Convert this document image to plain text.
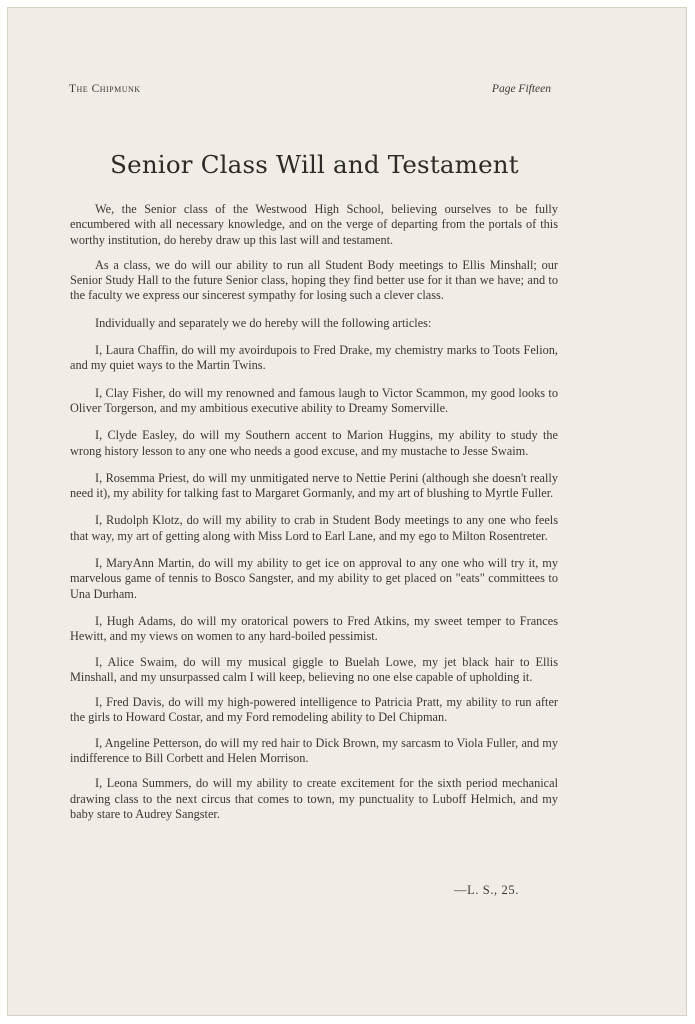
The Chipmunk	Page Fifteen
Senior Class Will and Testament

We, the Senior class of the Westwood High School, believing ourselves to be fully encumbered with all necessary knowledge, and on the verge of departing from the portals of this worthy institution, do hereby draw up this last will and testament.

As a class, we do will our ability to run all Student Body meetings to Ellis Minshall; our Senior Study Hall to the future Senior class, hoping they find better use for it than we have; and to the faculty we express our sincerest sympathy for losing such a clever class.

Individually and separately we do hereby will the following articles:

I, Laura Chaffin, do will my avoirdupois to Fred Drake, my chemistry marks to Toots Felion, and my quiet ways to the Martin Twins.

I, Clay Fisher, do will my renowned and famous laugh to Victor Scammon, my good looks to Oliver Torgerson, and my ambitious executive ability to Dreamy Somerville.

I, Clyde Easley, do will my Southern accent to Marion Huggins, my ability to study the wrong history lesson to any one who needs a good excuse, and my mustache to Jesse Swaim.

I, Rosemma Priest, do will my unmitigated nerve to Nettie Perini (although she doesn't really need it), my ability for talking fast to Margaret Gormanly, and my art of blushing to Myrtle Fuller.

I, Rudolph Klotz, do will my ability to crab in Student Body meetings to any one who feels that way, my art of getting along with Miss Lord to Earl Lane, and my ego to Milton Rosentreter.

I, MaryAnn Martin, do will my ability to get ice on approval to any one who will try it, my marvelous game of tennis to Bosco Sangster, and my ability to get placed on "eats" committees to Una Durham.

I, Hugh Adams, do will my oratorical powers to Fred Atkins, my sweet temper to Frances Hewitt, and my views on women to any hard-boiled pessimist.

I, Alice Swaim, do will my musical giggle to Buelah Lowe, my jet black hair to Ellis Minshall, and my unsurpassed calm I will keep, believing no one else capable of upholding it.

I, Fred Davis, do will my high-powered intelligence to Patricia Pratt, my ability to run after the girls to Howard Costar, and my Ford remodeling ability to Del Chipman.

I, Angeline Petterson, do will my red hair to Dick Brown, my sarcasm to Viola Fuller, and my indifference to Bill Corbett and Helen Morrison.

I, Leona Summers, do will my ability to create excitement for the sixth period mechanical drawing class to the next circus that comes to town, my punctuality to Luboff Helmich, and my baby stare to Audrey Sangster.

—L. S., 25.
